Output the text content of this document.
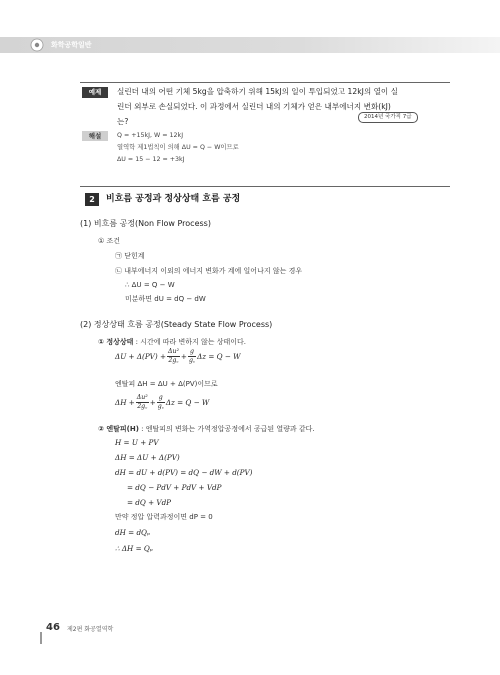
화학공학일반
예제	실린더 내의 어떤 기체 5kg을 압축하기 위해 15kJ의 일이 투입되었고 12kJ의 열이 실
린더 외부로 손실되었다. 이 과정에서 실린더 내의 기체가 얻은 내부에너지 변화(kJ)
는?	2014년 국가직 7급
해설	Q = +15kJ, W = 12kJ
열역학 제1법칙이 의해 ΔU = Q − W이므로
ΔU = 15 − 12 = +3kJ
2	비흐름 공정과 정상상태 흐름 공정
(1) 비흐름 공정(Non Flow Process)
① 조건
㉠ 닫힌계
㉡ 내부에너지 이외의 에너지 변화가 계에 일어나지 않는 경우
∴ ΔU = Q − W
미분하면 dU = dQ − dW
(2) 정상상태 흐름 공정(Steady State Flow Process)
① 정상상태 : 시간에 따라 변하지 않는 상태이다.
$\Delta U + \Delta(PV) + \frac{\text{Δu²}}{2g꜀} + \frac{g}{g꜀}$ Δz = Q − W
엔탈피 ΔH = ΔU + Δ(PV)이므로
$\Delta H + \frac{\text{Δu²}}{2g꜀} + \frac{g}{g꜀}$ Δz = Q − W
② 엔탈피(H) : 엔탈피의 변화는 가역정압공정에서 공급된 열량과 같다.
H = U + PV
ΔH = ΔU + Δ(PV)
dH = dU + d(PV) = dQ − dW + d(PV)
= dQ − PdV + PdV + VdP
= dQ + VdP
만약 정압 압력과정이면 dP = 0
dH = dQₚ
∴ ΔH = Qₚ
46 제2편 화공열역학
